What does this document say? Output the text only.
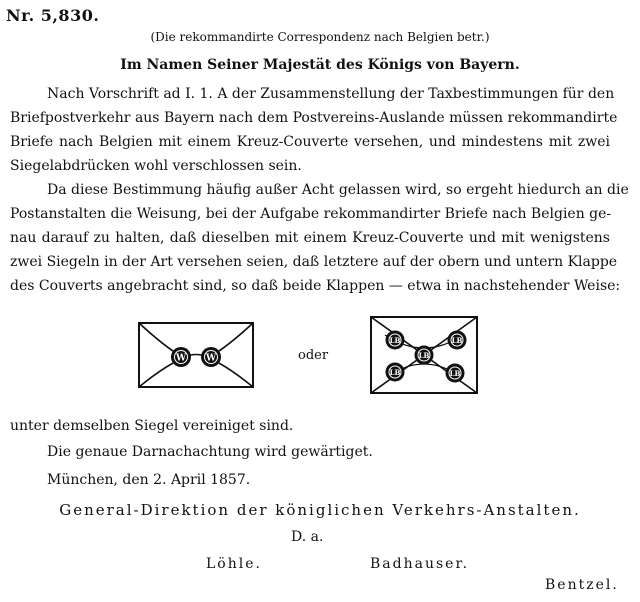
Nr. 5,830.
(Die rekommandirte Correspondenz nach Belgien betr.)
Im Namen Seiner Majestät des Königs von Bayern.
Nach Vorschrift ad I. 1. A der Zusammenstellung der Taxbestimmungen für den
Briefpostverkehr aus Bayern nach dem Postvereins-Auslande müssen rekommandirte
Briefe nach Belgien mit einem Kreuz-Couverte versehen, und mindestens mit zwei
Siegelabdrücken wohl verschlossen sein.
Da diese Bestimmung häufig außer Acht gelassen wird, so ergeht hiedurch an die
Postanstalten die Weisung, bei der Aufgabe rekommandirter Briefe nach Belgien ge-
nau darauf zu halten, daß dieselben mit einem Kreuz-Couverte und mit wenigstens
zwei Siegeln in der Art versehen seien, daß letztere auf der obern und untern Klappe
des Couverts angebracht sind, so daß beide Klappen — etwa in nachstehender Weise:
W W	oder
LB	LB
LB
LB	LB
unter demselben Siegel vereiniget sind.
Die genaue Darnachachtung wird gewärtiget.
München, den 2. April 1857.
General-Direktion der königlichen Verkehrs-Anstalten.
D. a.
Löhle.	Badhauser.
Bentzel.
